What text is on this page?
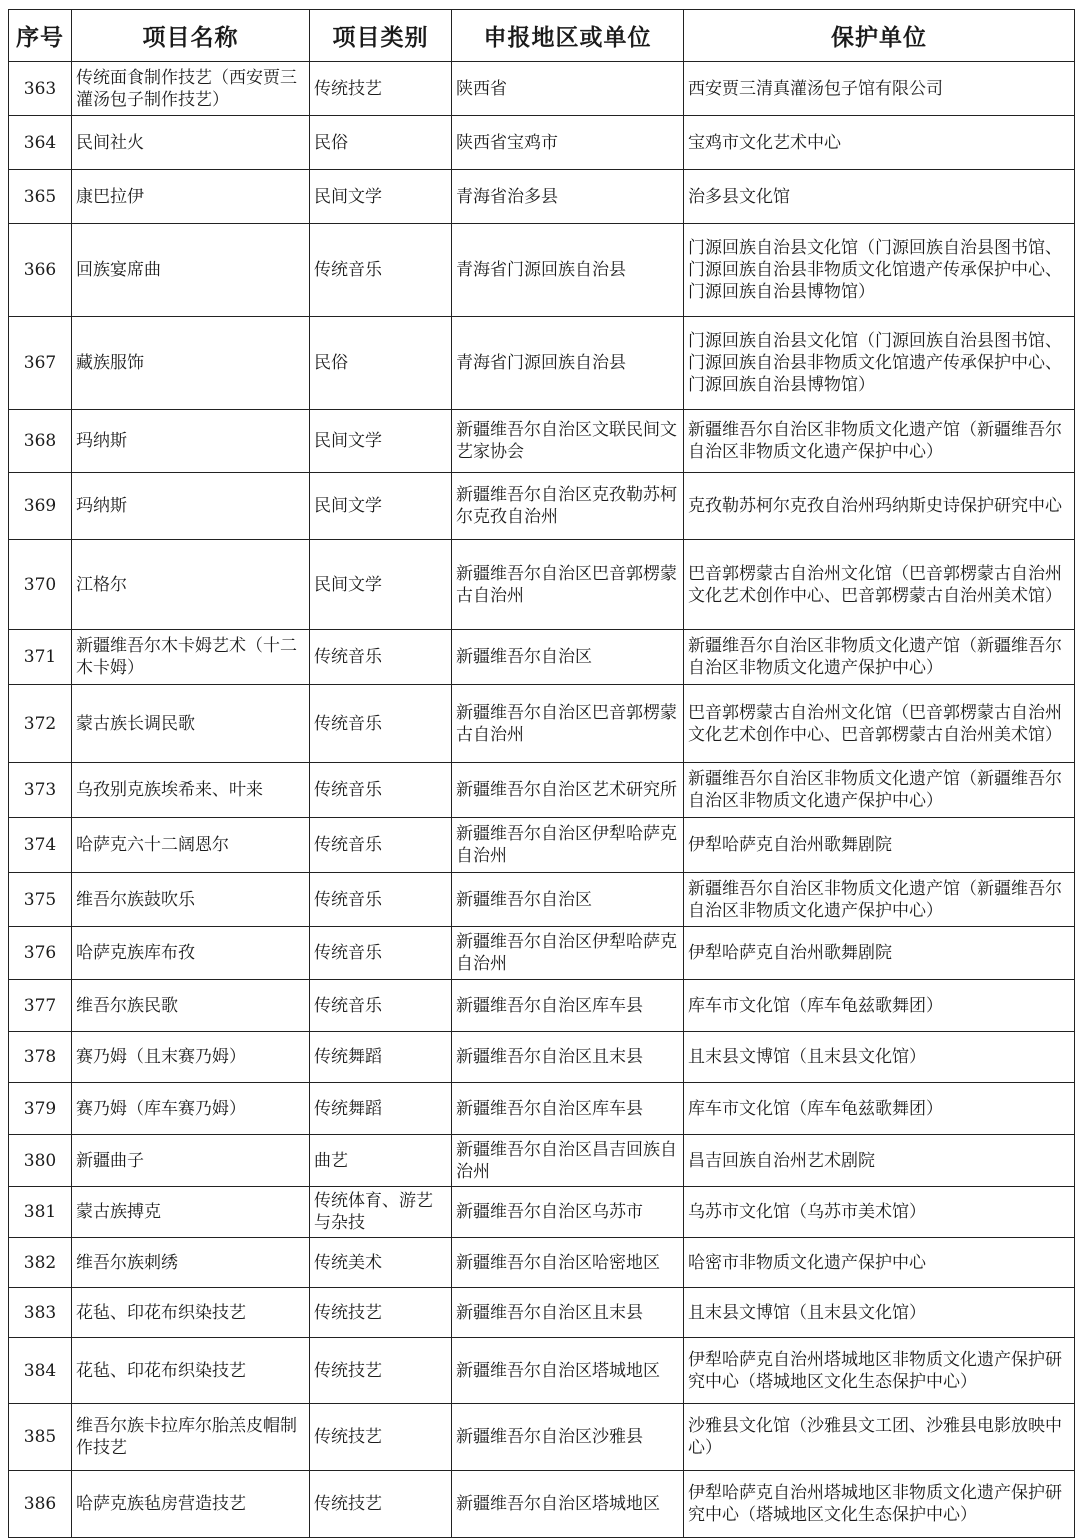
序号	项目名称	项目类别	申报地区或单位	保护单位
363	传统面食制作技艺（西安贾三灌汤包子制作技艺）	传统技艺	陕西省	西安贾三清真灌汤包子馆有限公司
364	民间社火	民俗	陕西省宝鸡市	宝鸡市文化艺术中心
365	康巴拉伊	民间文学	青海省治多县	治多县文化馆
366	回族宴席曲	传统音乐	青海省门源回族自治县	门源回族自治县文化馆（门源回族自治县图书馆、门源回族自治县非物质文化馆遗产传承保护中心、门源回族自治县博物馆）
367	藏族服饰	民俗	青海省门源回族自治县	门源回族自治县文化馆（门源回族自治县图书馆、门源回族自治县非物质文化馆遗产传承保护中心、门源回族自治县博物馆）
368	玛纳斯	民间文学	新疆维吾尔自治区文联民间文艺家协会	新疆维吾尔自治区非物质文化遗产馆（新疆维吾尔自治区非物质文化遗产保护中心）
369	玛纳斯	民间文学	新疆维吾尔自治区克孜勒苏柯尔克孜自治州	克孜勒苏柯尔克孜自治州玛纳斯史诗保护研究中心
370	江格尔	民间文学	新疆维吾尔自治区巴音郭楞蒙古自治州	巴音郭楞蒙古自治州文化馆（巴音郭楞蒙古自治州文化艺术创作中心、巴音郭楞蒙古自治州美术馆）
371	新疆维吾尔木卡姆艺术（十二木卡姆）	传统音乐	新疆维吾尔自治区	新疆维吾尔自治区非物质文化遗产馆（新疆维吾尔自治区非物质文化遗产保护中心）
372	蒙古族长调民歌	传统音乐	新疆维吾尔自治区巴音郭楞蒙古自治州	巴音郭楞蒙古自治州文化馆（巴音郭楞蒙古自治州文化艺术创作中心、巴音郭楞蒙古自治州美术馆）
373	乌孜别克族埃希来、叶来	传统音乐	新疆维吾尔自治区艺术研究所	新疆维吾尔自治区非物质文化遗产馆（新疆维吾尔自治区非物质文化遗产保护中心）
374	哈萨克六十二阔恩尔	传统音乐	新疆维吾尔自治区伊犁哈萨克自治州	伊犁哈萨克自治州歌舞剧院
375	维吾尔族鼓吹乐	传统音乐	新疆维吾尔自治区	新疆维吾尔自治区非物质文化遗产馆（新疆维吾尔自治区非物质文化遗产保护中心）
376	哈萨克族库布孜	传统音乐	新疆维吾尔自治区伊犁哈萨克自治州	伊犁哈萨克自治州歌舞剧院
377	维吾尔族民歌	传统音乐	新疆维吾尔自治区库车县	库车市文化馆（库车龟兹歌舞团）
378	赛乃姆（且末赛乃姆）	传统舞蹈	新疆维吾尔自治区且末县	且末县文博馆（且末县文化馆）
379	赛乃姆（库车赛乃姆）	传统舞蹈	新疆维吾尔自治区库车县	库车市文化馆（库车龟兹歌舞团）
380	新疆曲子	曲艺	新疆维吾尔自治区昌吉回族自治州	昌吉回族自治州艺术剧院
381	蒙古族搏克	传统体育、游艺与杂技	新疆维吾尔自治区乌苏市	乌苏市文化馆（乌苏市美术馆）
382	维吾尔族刺绣	传统美术	新疆维吾尔自治区哈密地区	哈密市非物质文化遗产保护中心
383	花毡、印花布织染技艺	传统技艺	新疆维吾尔自治区且末县	且末县文博馆（且末县文化馆）
384	花毡、印花布织染技艺	传统技艺	新疆维吾尔自治区塔城地区	伊犁哈萨克自治州塔城地区非物质文化遗产保护研究中心（塔城地区文化生态保护中心）
385	维吾尔族卡拉库尔胎羔皮帽制作技艺	传统技艺	新疆维吾尔自治区沙雅县	沙雅县文化馆（沙雅县文工团、沙雅县电影放映中心）
386	哈萨克族毡房营造技艺	传统技艺	新疆维吾尔自治区塔城地区	伊犁哈萨克自治州塔城地区非物质文化遗产保护研究中心（塔城地区文化生态保护中心）
